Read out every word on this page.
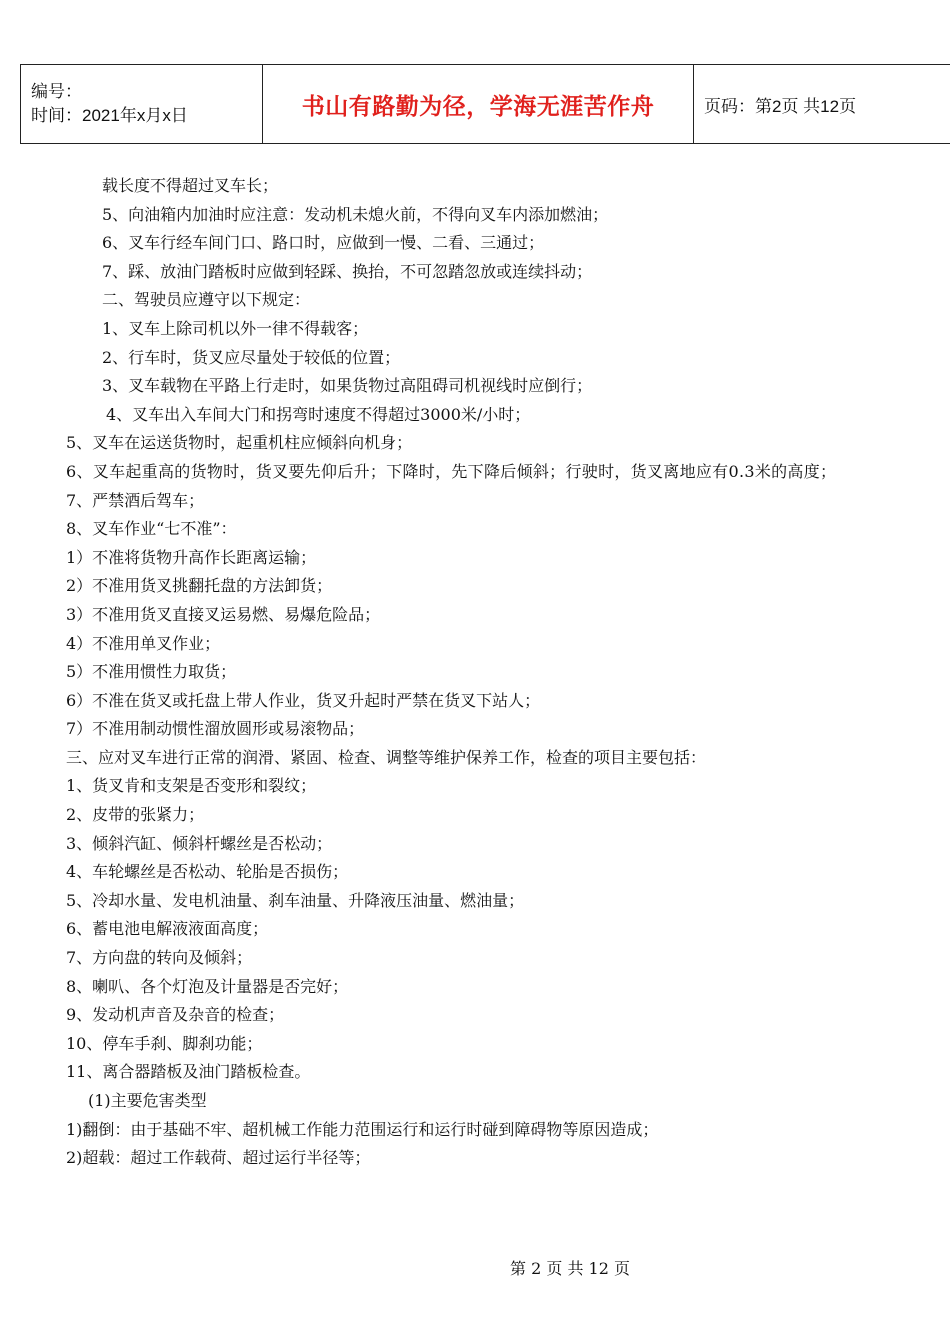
编号：
时间：2021年x月x日	书山有路勤为径，学海无涯苦作舟	页码：第2页 共12页

载长度不得超过叉车长；

5、向油箱内加油时应注意：发动机未熄火前，不得向叉车内添加燃油；

6、叉车行经车间门口、路口时，应做到一慢、二看、三通过；

7、踩、放油门踏板时应做到轻踩、换抬，不可忽踏忽放或连续抖动；

二、驾驶员应遵守以下规定：

1、叉车上除司机以外一律不得载客；

2、行车时，货叉应尽量处于较低的位置；

3、叉车载物在平路上行走时，如果货物过高阻碍司机视线时应倒行；

4、叉车出入车间大门和拐弯时速度不得超过3000米/小时；

5、叉车在运送货物时，起重机柱应倾斜向机身；

6、叉车起重高的货物时，货叉要先仰后升；下降时，先下降后倾斜；行驶时，货叉离地应有0.3米的高度；

7、严禁酒后驾车；

8、叉车作业“七不准”：

1）不准将货物升高作长距离运输；

2）不准用货叉挑翻托盘的方法卸货；

3）不准用货叉直接叉运易燃、易爆危险品；

4）不准用单叉作业；

5）不准用惯性力取货；

6）不准在货叉或托盘上带人作业，货叉升起时严禁在货叉下站人；

7）不准用制动惯性溜放圆形或易滚物品；

三、应对叉车进行正常的润滑、紧固、检查、调整等维护保养工作，检查的项目主要包括：

1、货叉肯和支架是否变形和裂纹；

2、皮带的张紧力；

3、倾斜汽缸、倾斜杆螺丝是否松动；

4、车轮螺丝是否松动、轮胎是否损伤；

5、冷却水量、发电机油量、刹车油量、升降液压油量、燃油量；

6、蓄电池电解液液面高度；

7、方向盘的转向及倾斜；

8、喇叭、各个灯泡及计量器是否完好；

9、发动机声音及杂音的检查；

10、停车手刹、脚刹功能；

11、离合器踏板及油门踏板检查。

(1)主要危害类型

1)翻倒：由于基础不牢、超机械工作能力范围运行和运行时碰到障碍物等原因造成；

2)超载：超过工作载荷、超过运行半径等；

第 2 页 共 12 页
